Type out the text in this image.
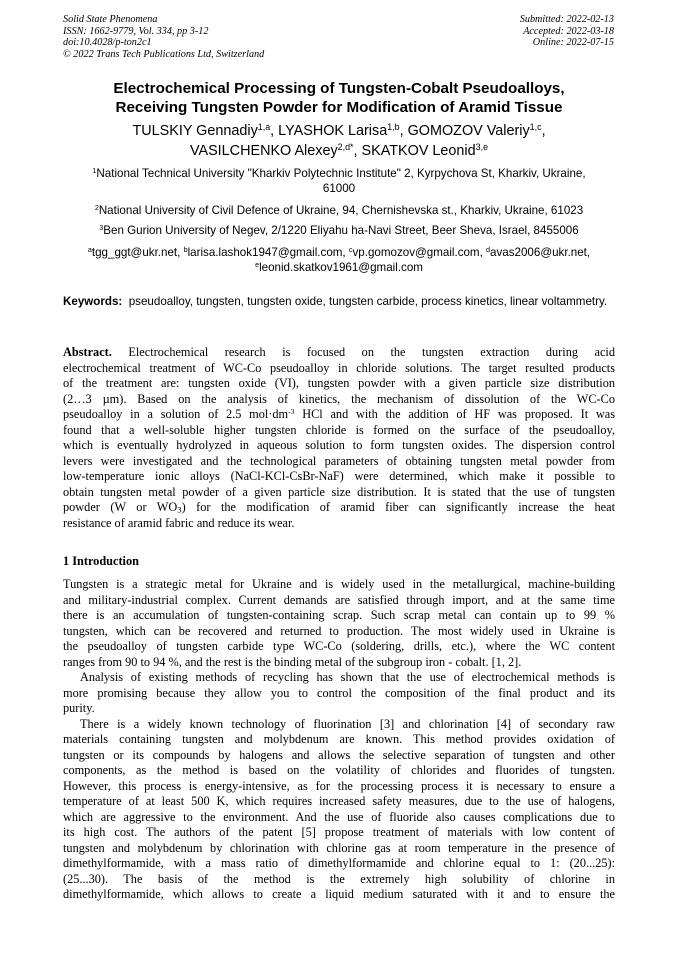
Solid State Phenomena
ISSN: 1662-9779, Vol. 334, pp 3-12
doi:10.4028/p-ton2c1
© 2022 Trans Tech Publications Ltd, Switzerland
Submitted: 2022-02-13
Accepted: 2022-03-18
Online: 2022-07-15
Electrochemical Processing of Tungsten-Cobalt Pseudoalloys,
Receiving Tungsten Powder for Modification of Aramid Tissue
TULSKIY Gennadiy$^{1,a}$, LYASHOK Larisa$^{1,b}$, GOMOZOV Valeriy$^{1,c}$,
VASILCHENKO Alexey$^{2,d*}$, SKATKOV Leonid$^{3,e}$
$^1$National Technical University "Kharkiv Polytechnic Institute" 2, Kyrpychova St, Kharkiv, Ukraine,
61000
$^2$National University of Civil Defence of Ukraine, 94, Chernishevska st., Kharkiv, Ukraine, 61023
$^3$Ben Gurion University of Negev, 2/1220 Eliyahu ha-Navi Street, Beer Sheva, Israel, 8455006
$^a$tgg_ggt@ukr.net, $^b$larisa.lashok1947@gmail.com, $^c$vp.gomozov@gmail.com, $^d$avas2006@ukr.net,
$^e$leonid.skatkov1961@gmail.com
Keywords: pseudoalloy, tungsten, tungsten oxide, tungsten carbide, process kinetics, linear voltammetry.
Abstract. Electrochemical research is focused on the tungsten extraction during acid
electrochemical treatment of WC-Co pseudoalloy in chloride solutions. The target resulted products
of the treatment are: tungsten oxide (VI), tungsten powder with a given particle size distribution
(2…3 µm). Based on the analysis of kinetics, the mechanism of dissolution of the WC-Co
pseudoalloy in a solution of 2.5 $mol\cdot dm^{-3}$ HCl and with the addition of HF was proposed. It was
found that a well-soluble higher tungsten chloride is formed on the surface of the pseudoalloy,
which is eventually hydrolyzed in aqueous solution to form tungsten oxides. The dispersion control
levers were investigated and the technological parameters of obtaining tungsten metal powder from
low-temperature ionic alloys (NaCl-KCl-CsBr-NaF) were determined, which make it possible to
obtain tungsten metal powder of a given particle size distribution. It is stated that the use of tungsten
powder (W or $WO_3$) for the modification of aramid fiber can significantly increase the heat
resistance of aramid fabric and reduce its wear.
1 Introduction
Tungsten is a strategic metal for Ukraine and is widely used in the metallurgical, machine-building
and military-industrial complex. Current demands are satisfied through import, and at the same time
there is an accumulation of tungsten-containing scrap. Such scrap metal can contain up to 99 %
tungsten, which can be recovered and returned to production. The most widely used in Ukraine is
the pseudoalloy of tungsten carbide type WC-Co (soldering, drills, etc.), where the WC content
ranges from 90 to 94 %, and the rest is the binding metal of the subgroup iron - cobalt. [1, 2].
Analysis of existing methods of recycling has shown that the use of electrochemical methods is
more promising because they allow you to control the composition of the final product and its
purity.
There is a widely known technology of fluorination [3] and chlorination [4] of secondary raw
materials containing tungsten and molybdenum are known. This method provides oxidation of
tungsten or its compounds by halogens and allows the selective separation of tungsten and other
components, as the method is based on the volatility of chlorides and fluorides of tungsten.
However, this process is energy-intensive, as for the processing process it is necessary to ensure a
temperature of at least 500 K, which requires increased safety measures, due to the use of halogens,
which are aggressive to the environment. And the use of fluoride also causes complications due to
its high cost. The authors of the patent [5] propose treatment of materials with low content of
tungsten and molybdenum by chlorination with chlorine gas at room temperature in the presence of
dimethylformamide, with a mass ratio of dimethylformamide and chlorine equal to 1: (20...25):
(25...30). The basis of the method is the extremely high solubility of chlorine in
dimethylformamide, which allows to create a liquid medium saturated with it and to ensure the
